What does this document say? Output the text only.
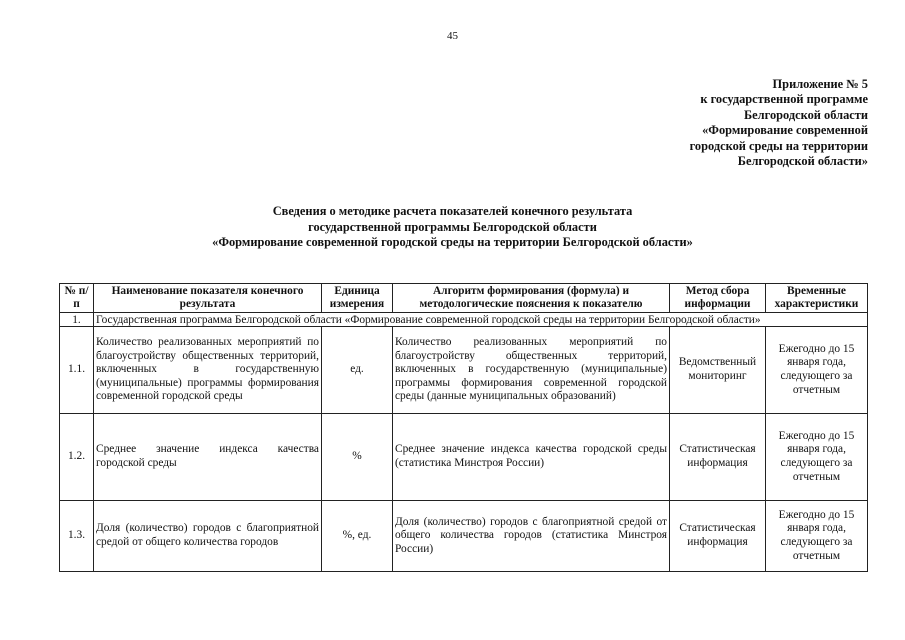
45
Приложение № 5
к государственной программе
Белгородской области
«Формирование современной
городской среды на территории
Белгородской области»
Сведения о методике расчета показателей конечного результата
государственной программы Белгородской области
«Формирование современной городской среды на территории Белгородской области»
№ п/п	Наименование показателя конечного результата	Единица измерения	Алгоритм формирования (формула) и методологические пояснения к показателю	Метод сбора информации	Временные характеристики
1.	Государственная программа Белгородской области «Формирование современной городской среды на территории Белгородской области»				
1.1.	Количество реализованных мероприятий по благоустройству общественных территорий, включенных в государственную (муниципальные) программы формирования современной городской среды	ед.	Количество реализованных мероприятий по благоустройству общественных территорий, включенных в государственную (муниципальные) программы формирования современной городской среды (данные муниципальных образований)	Ведомственный мониторинг	Ежегодно до 15 января года, следующего за отчетным
1.2.	Среднее значение индекса качества городской среды	%	Среднее значение индекса качества городской среды (статистика Минстроя России)	Статистическая информация	Ежегодно до 15 января года, следующего за отчетным
1.3.	Доля (количество) городов с благоприятной средой от общего количества городов	%, ед.	Доля (количество) городов с благоприятной средой от общего количества городов (статистика Минстроя России)	Статистическая информация	Ежегодно до 15 января года, следующего за отчетным
